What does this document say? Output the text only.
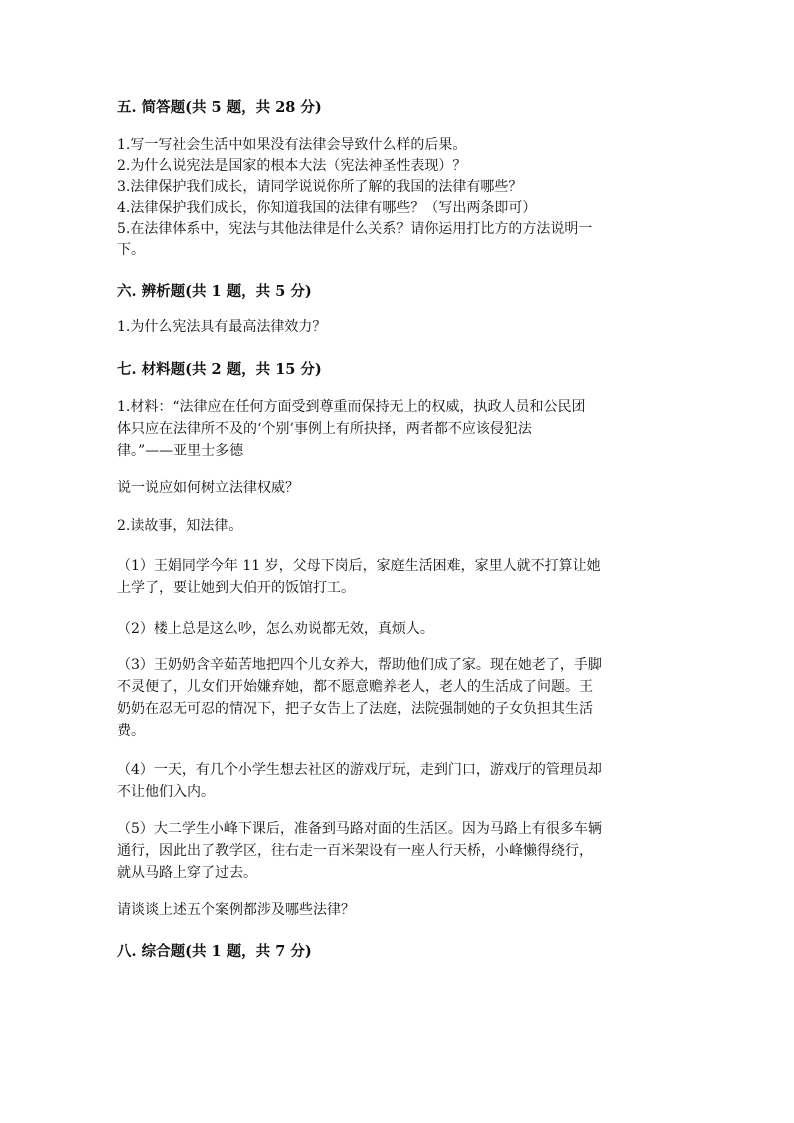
五. 简答题(共 5 题，共 28 分)
1.写一写社会生活中如果没有法律会导致什么样的后果。
2.为什么说宪法是国家的根本大法（宪法神圣性表现）？
3.法律保护我们成长，请同学说说你所了解的我国的法律有哪些？
4.法律保护我们成长，你知道我国的法律有哪些？（写出两条即可）
5.在法律体系中，宪法与其他法律是什么关系？请你运用打比方的方法说明一
下。
六. 辨析题(共 1 题，共 5 分)
1.为什么宪法具有最高法律效力？
七. 材料题(共 2 题，共 15 分)
1.材料：“法律应在任何方面受到尊重而保持无上的权威，执政人员和公民团
体只应在法律所不及的‘个别’事例上有所抉择，两者都不应该侵犯法
律。”——亚里士多德
说一说应如何树立法律权威？
2.读故事，知法律。
（1）王娟同学今年 11 岁，父母下岗后，家庭生活困难，家里人就不打算让她
上学了，要让她到大伯开的饭馆打工。
（2）楼上总是这么吵，怎么劝说都无效，真烦人。
（3）王奶奶含辛茹苦地把四个儿女养大，帮助他们成了家。现在她老了，手脚
不灵便了，儿女们开始嫌弃她，都不愿意赡养老人，老人的生活成了问题。王
奶奶在忍无可忍的情况下，把子女告上了法庭，法院强制她的子女负担其生活
费。
（4）一天，有几个小学生想去社区的游戏厅玩，走到门口，游戏厅的管理员却
不让他们入内。
（5）大二学生小峰下课后，准备到马路对面的生活区。因为马路上有很多车辆
通行，因此出了教学区，往右走一百米架设有一座人行天桥，小峰懒得绕行，
就从马路上穿了过去。
请谈谈上述五个案例都涉及哪些法律？
八. 综合题(共 1 题，共 7 分)
